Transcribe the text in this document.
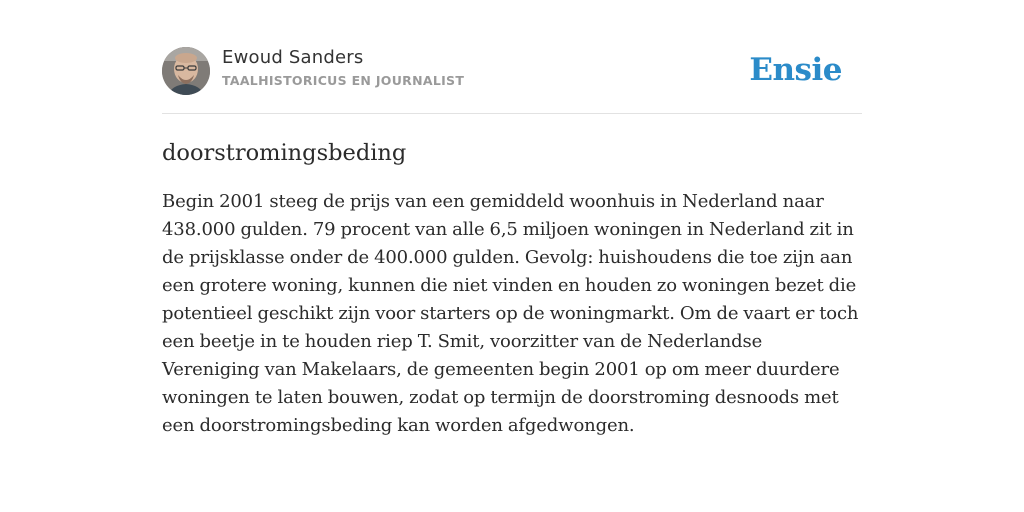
Ewoud Sanders
TAALHISTORICUS EN JOURNALIST	Ensie
doorstromingsbeding

Begin 2001 steeg de prijs van een gemiddeld woonhuis in Nederland naar 438.000 gulden. 79 procent van alle 6,5 miljoen woningen in Nederland zit in de prijsklasse onder de 400.000 gulden. Gevolg: huishoudens die toe zijn aan een grotere woning, kunnen die niet vinden en houden zo woningen bezet die potentieel geschikt zijn voor starters op de woningmarkt. Om de vaart er toch een beetje in te houden riep T. Smit, voorzitter van de Nederlandse Vereniging van Makelaars, de gemeenten begin 2001 op om meer duurdere woningen te laten bouwen, zodat op termijn de doorstroming desnoods met een doorstromingsbeding kan worden afgedwongen.
